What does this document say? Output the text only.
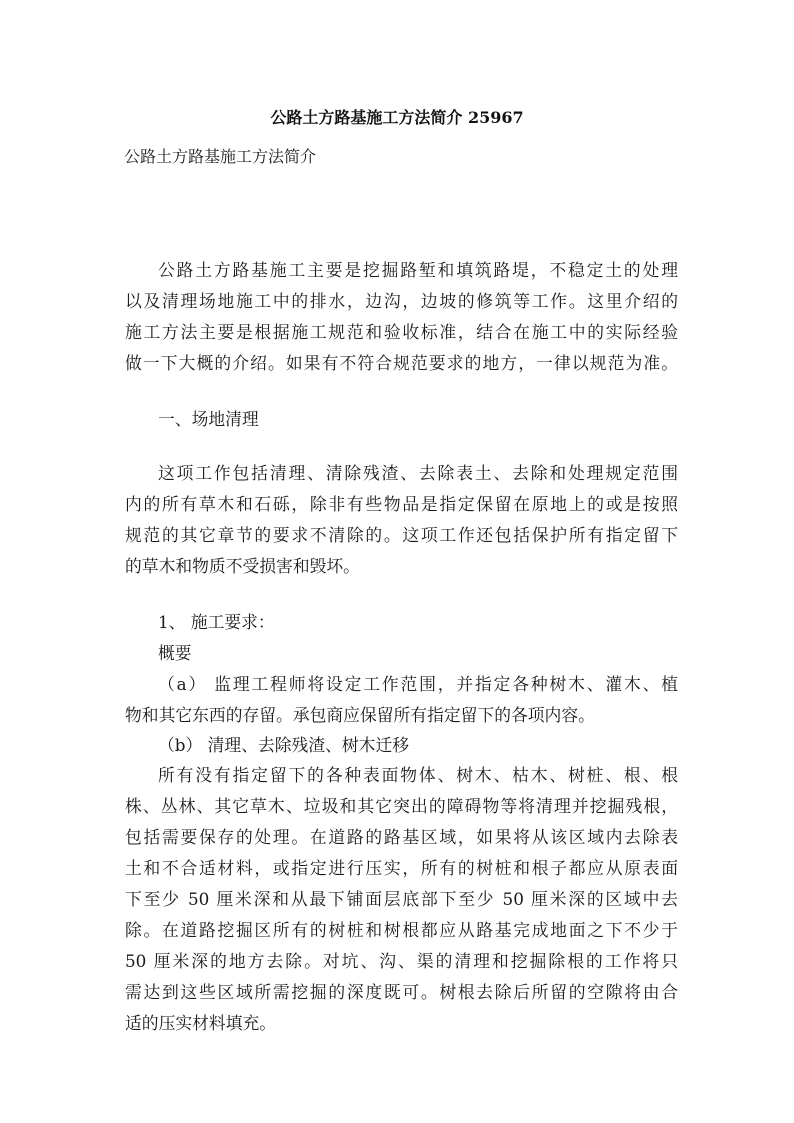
公路土方路基施工方法简介 25967
公路土方路基施工方法简介
公路土方路基施工主要是挖掘路堑和填筑路堤，不稳定土的处理
以及清理场地施工中的排水，边沟，边坡的修筑等工作。这里介绍的
施工方法主要是根据施工规范和验收标准，结合在施工中的实际经验
做一下大概的介绍。如果有不符合规范要求的地方，一律以规范为准。
一、场地清理
这项工作包括清理、清除残渣、去除表土、去除和处理规定范围
内的所有草木和石砾，除非有些物品是指定保留在原地上的或是按照
规范的其它章节的要求不清除的。这项工作还包括保护所有指定留下
的草木和物质不受损害和毁坏。
1、 施工要求：
概要
（a） 监理工程师将设定工作范围，并指定各种树木、灌木、植
物和其它东西的存留。承包商应保留所有指定留下的各项内容。
（b） 清理、去除残渣、树木迁移
所有没有指定留下的各种表面物体、树木、枯木、树桩、根、根
株、丛林、其它草木、垃圾和其它突出的障碍物等将清理并挖掘残根，
包括需要保存的处理。在道路的路基区域，如果将从该区域内去除表
土和不合适材料，或指定进行压实，所有的树桩和根子都应从原表面
下至少 50 厘米深和从最下铺面层底部下至少 50 厘米深的区域中去
除。在道路挖掘区所有的树桩和树根都应从路基完成地面之下不少于
50 厘米深的地方去除。对坑、沟、渠的清理和挖掘除根的工作将只
需达到这些区域所需挖掘的深度既可。树根去除后所留的空隙将由合
适的压实材料填充。
